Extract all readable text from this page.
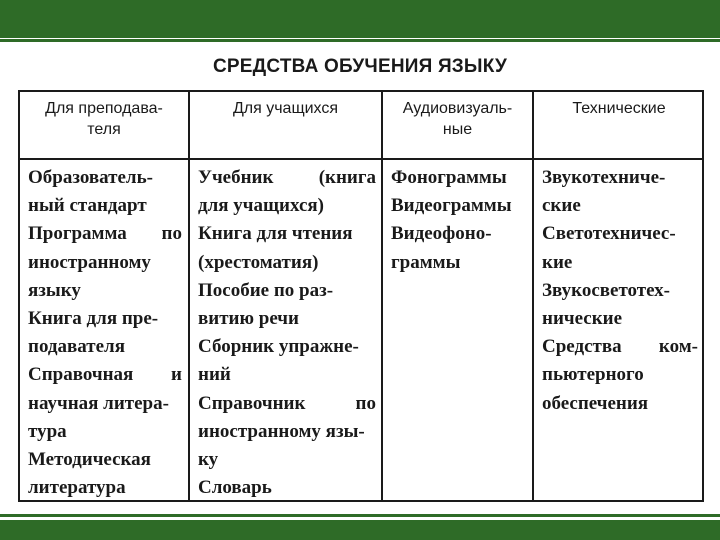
СРЕДСТВА ОБУЧЕНИЯ ЯЗЫКУ
Для преподава-
теля
Для учащихся	Аудиовизуаль-
ные
Технические
Образователь-
ный стандарт
Программа по
иностранному
языку
Книга для пре-
подавателя
Справочная и
научная литера-
тура
Методическая
литература
Учебник (книга
для учащихся)
Книга для чтения
(хрестоматия)
Пособие по раз-
витию речи
Сборник упражне-
ний
Справочник	по
иностранному язы-
ку
Словарь
Фонограммы
Видеограммы
Видеофоно-
граммы
Звукотехниче-
ские
Светотехничес-
кие
Звукосветотех-
нические
Средства ком-
пьютерного
обеспечения
